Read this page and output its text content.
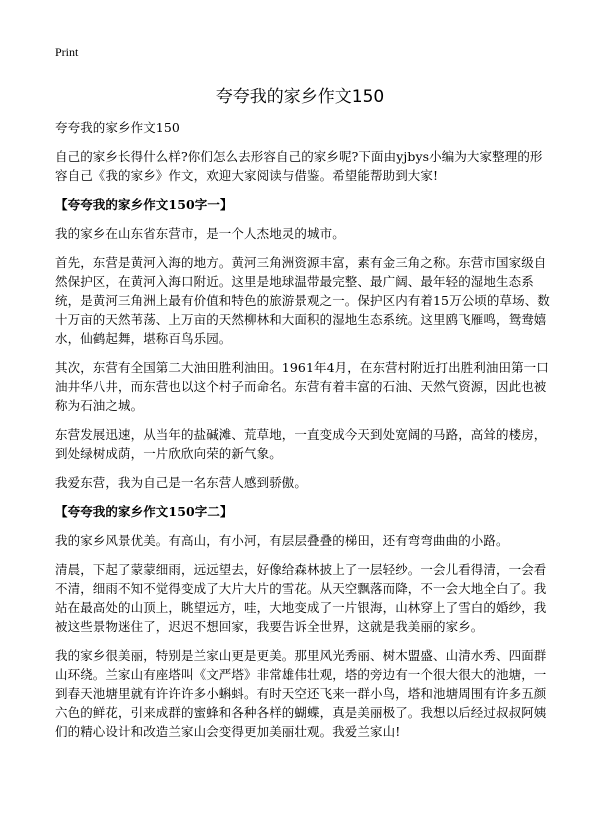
Print
夸夸我的家乡作文150

夸夸我的家乡作文150

自己的家乡长得什么样?你们怎么去形容自己的家乡呢?下面由yjbys小编为大家整理的形容自己《我的家乡》作文，欢迎大家阅读与借鉴。希望能帮助到大家!

【夸夸我的家乡作文150字一】

我的家乡在山东省东营市，是一个人杰地灵的城市。

首先，东营是黄河入海的地方。黄河三角洲资源丰富，素有金三角之称。东营市国家级自然保护区，在黄河入海口附近。这里是地球温带最完整、最广阔、最年轻的湿地生态系统，是黄河三角洲上最有价值和特色的旅游景观之一。保护区内有着15万公顷的草场、数十万亩的天然苇荡、上万亩的天然柳林和大面积的湿地生态系统。这里鸥飞雁鸣，鸳鸯嬉水，仙鹤起舞，堪称百鸟乐园。

其次，东营有全国第二大油田胜利油田。1961年4月，在东营村附近打出胜利油田第一口油井华八井，而东营也以这个村子而命名。东营有着丰富的石油、天然气资源，因此也被称为石油之城。

东营发展迅速，从当年的盐碱滩、荒草地，一直变成今天到处宽阔的马路，高耸的楼房，到处绿树成荫，一片欣欣向荣的新气象。

我爱东营，我为自己是一名东营人感到骄傲。

【夸夸我的家乡作文150字二】

我的家乡风景优美。有高山，有小河，有层层叠叠的梯田，还有弯弯曲曲的小路。

清晨，下起了蒙蒙细雨，远远望去，好像给森林披上了一层轻纱。一会儿看得清，一会看不清，细雨不知不觉得变成了大片大片的雪花。从天空飘落而降，不一会大地全白了。我站在最高处的山顶上，眺望远方，哇，大地变成了一片银海，山林穿上了雪白的婚纱，我被这些景物迷住了，迟迟不想回家，我要告诉全世界，这就是我美丽的家乡。

我的家乡很美丽，特别是兰家山更是更美。那里风光秀丽、树木盟盛、山清水秀、四面群山环绕。兰家山有座塔叫《文严塔》非常雄伟壮观，塔的旁边有一个很大很大的池塘，一到春天池塘里就有许许许多小蝌蚪。有时天空还飞来一群小鸟，塔和池塘周围有许多五颜六色的鲜花，引来成群的蜜蜂和各种各样的蝴蝶，真是美丽极了。我想以后经过叔叔阿姨们的精心设计和改造兰家山会变得更加美丽壮观。我爱兰家山!
